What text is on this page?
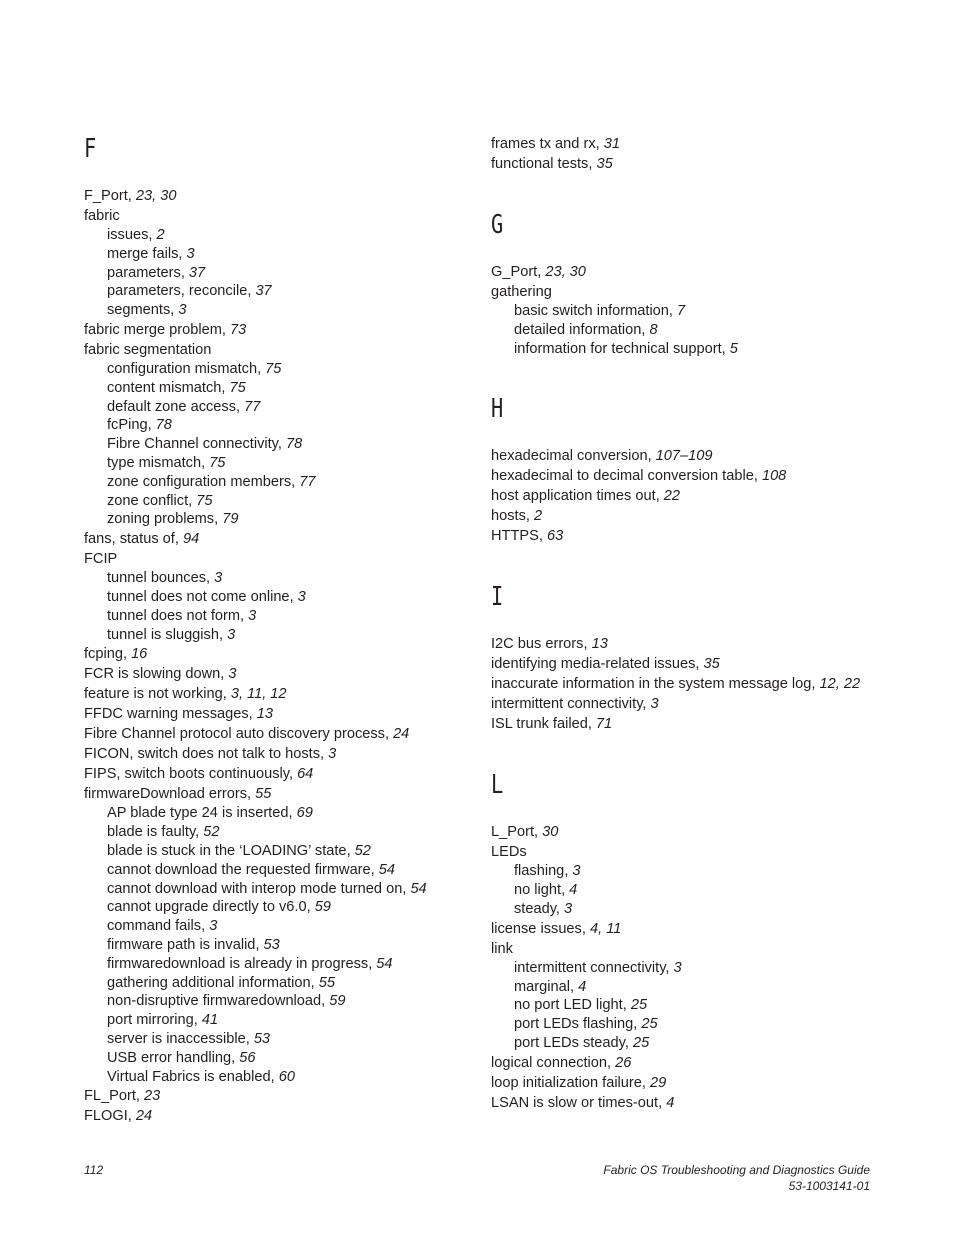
F
F_Port, 23, 30
fabric
issues, 2
merge fails, 3
parameters, 37
parameters, reconcile, 37
segments, 3
fabric merge problem, 73
fabric segmentation
configuration mismatch, 75
content mismatch, 75
default zone access, 77
fcPing, 78
Fibre Channel connectivity, 78
type mismatch, 75
zone configuration members, 77
zone conflict, 75
zoning problems, 79
fans, status of, 94
FCIP
tunnel bounces, 3
tunnel does not come online, 3
tunnel does not form, 3
tunnel is sluggish, 3
fcping, 16
FCR is slowing down, 3
feature is not working, 3, 11, 12
FFDC warning messages, 13
Fibre Channel protocol auto discovery process, 24
FICON, switch does not talk to hosts, 3
FIPS, switch boots continuously, 64
firmwareDownload errors, 55
AP blade type 24 is inserted, 69
blade is faulty, 52
blade is stuck in the ‘LOADING’ state, 52
cannot download the requested firmware, 54
cannot download with interop mode turned on, 54
cannot upgrade directly to v6.0, 59
command fails, 3
firmware path is invalid, 53
firmwaredownload is already in progress, 54
gathering additional information, 55
non-disruptive firmwaredownload, 59
port mirroring, 41
server is inaccessible, 53
USB error handling, 56
Virtual Fabrics is enabled, 60
FL_Port, 23
FLOGI, 24
frames tx and rx, 31
functional tests, 35
G
G_Port, 23, 30
gathering
basic switch information, 7
detailed information, 8
information for technical support, 5
H
hexadecimal conversion, 107–109
hexadecimal to decimal conversion table, 108
host application times out, 22
hosts, 2
HTTPS, 63
I
I2C bus errors, 13
identifying media-related issues, 35
inaccurate information in the system message log, 12, 22
intermittent connectivity, 3
ISL trunk failed, 71
L
L_Port, 30
LEDs
flashing, 3
no light, 4
steady, 3
license issues, 4, 11
link
intermittent connectivity, 3
marginal, 4
no port LED light, 25
port LEDs flashing, 25
port LEDs steady, 25
logical connection, 26
loop initialization failure, 29
LSAN is slow or times-out, 4
112	Fabric OS Troubleshooting and Diagnostics Guide
53-1003141-01
